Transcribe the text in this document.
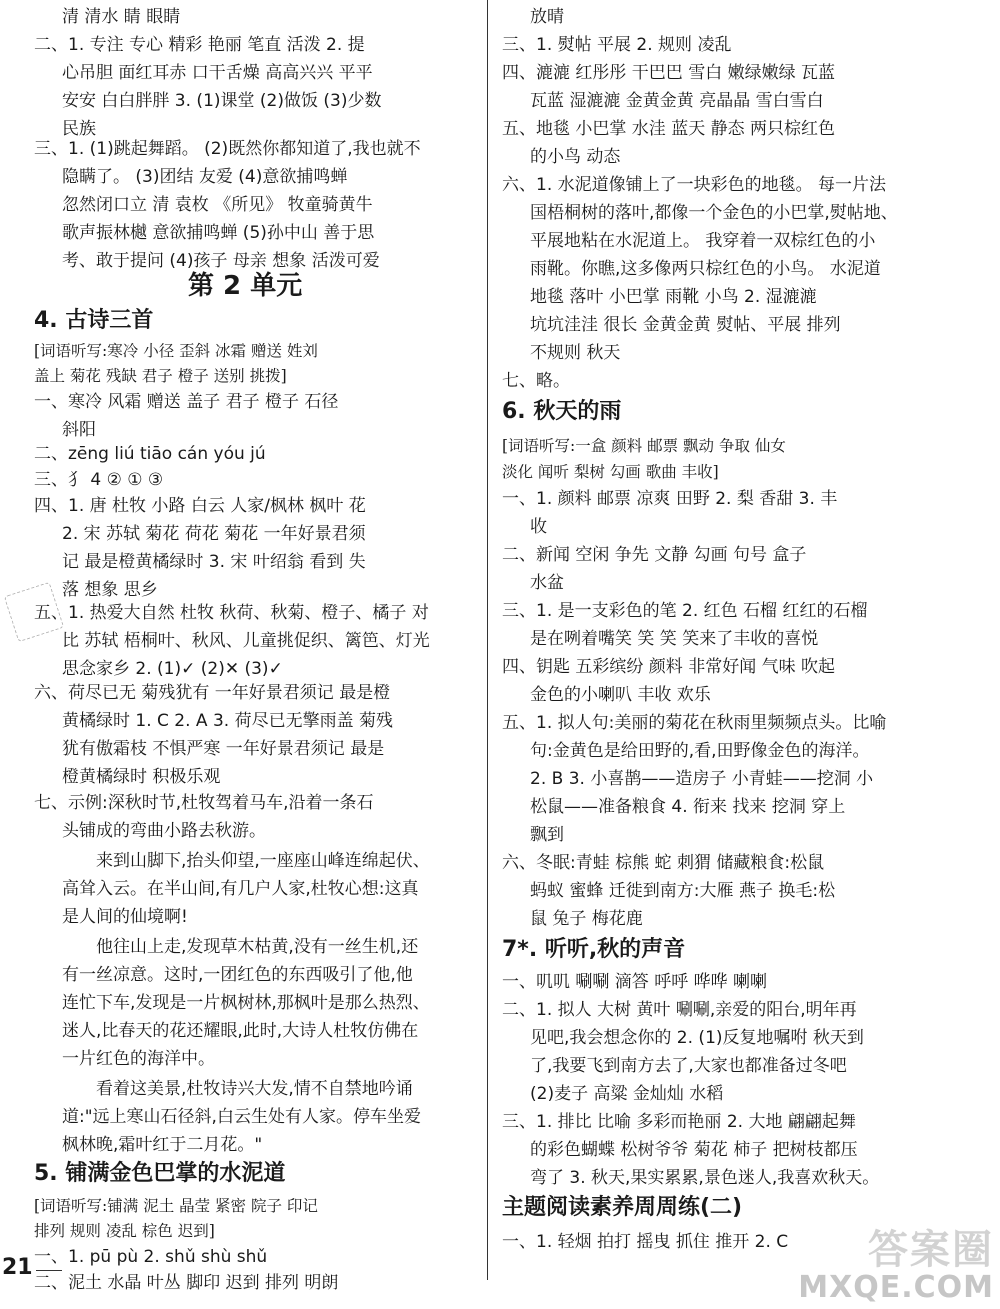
清 清水 睛 眼睛
二、1. 专注 专心 精彩 艳丽 笔直 活泼 2. 提
心吊胆 面红耳赤 口干舌燥 高高兴兴 平平
安安 白白胖胖 3. (1)课堂 (2)做饭 (3)少数
民族
三、1. (1)跳起舞蹈。 (2)既然你都知道了,我也就不
隐瞒了。 (3)团结 友爱 (4)意欲捕鸣蝉
忽然闭口立 清 袁枚 《所见》 牧童骑黄牛
歌声振林樾 意欲捕鸣蝉 (5)孙中山 善于思
考、敢于提问 (4)孩子 母亲 想象 活泼可爱
第 2 单元
4. 古诗三首
[词语听写:寒冷 小径 歪斜 冰霜 赠送 姓刘
盖上 菊花 残缺 君子 橙子 送别 挑拨]
一、寒冷 风霜 赠送 盖子 君子 橙子 石径
斜阳
二、zēng liú tiāo cán yóu jú
三、犭 4 ② ① ③
四、1. 唐 杜牧 小路 白云 人家/枫林 枫叶 花
2. 宋 苏轼 菊花 荷花 菊花 一年好景君须
记 最是橙黄橘绿时 3. 宋 叶绍翁 看到 失
落 想象 思乡
五、1. 热爱大自然 杜牧 秋荷、秋菊、橙子、橘子 对
比 苏轼 梧桐叶、秋风、儿童挑促织、篱笆、灯光
思念家乡 2. (1)✓ (2)✕ (3)✓
六、荷尽已无 菊残犹有 一年好景君须记 最是橙
黄橘绿时 1. C 2. A 3. 荷尽已无擎雨盖 菊残
犹有傲霜枝 不惧严寒 一年好景君须记 最是
橙黄橘绿时 积极乐观
七、示例:深秋时节,杜牧驾着马车,沿着一条石
头铺成的弯曲小路去秋游。
来到山脚下,抬头仰望,一座座山峰连绵起伏、
高耸入云。在半山间,有几户人家,杜牧心想:这真
是人间的仙境啊!
他往山上走,发现草木枯黄,没有一丝生机,还
有一丝凉意。这时,一团红色的东西吸引了他,他
连忙下车,发现是一片枫树林,那枫叶是那么热烈、
迷人,比春天的花还耀眼,此时,大诗人杜牧仿佛在
一片红色的海洋中。
看着这美景,杜牧诗兴大发,情不自禁地吟诵
道:"远上寒山石径斜,白云生处有人家。停车坐爱
枫林晚,霜叶红于二月花。"
5. 铺满金色巴掌的水泥道
[词语听写:铺满 泥土 晶莹 紧密 院子 印记
排列 规则 凌乱 棕色 迟到]
一、1. pū pù 2. shǔ shù shǔ
二、泥土 水晶 叶丛 脚印 迟到 排列 明朗
放晴
三、1. 熨帖 平展 2. 规则 凌乱
四、漉漉 红彤彤 干巴巴 雪白 嫩绿嫩绿 瓦蓝
瓦蓝 湿漉漉 金黄金黄 亮晶晶 雪白雪白
五、地毯 小巴掌 水洼 蓝天 静态 两只棕红色
的小鸟 动态
六、1. 水泥道像铺上了一块彩色的地毯。 每一片法
国梧桐树的落叶,都像一个金色的小巴掌,熨帖地、
平展地粘在水泥道上。 我穿着一双棕红色的小
雨靴。你瞧,这多像两只棕红色的小鸟。 水泥道
地毯 落叶 小巴掌 雨靴 小鸟 2. 湿漉漉
坑坑洼洼 很长 金黄金黄 熨帖、平展 排列
不规则 秋天
七、略。
6. 秋天的雨
[词语听写:一盒 颜料 邮票 飘动 争取 仙女
淡化 闻听 梨树 勾画 歌曲 丰收]
一、1. 颜料 邮票 凉爽 田野 2. 梨 香甜 3. 丰
收
二、新闻 空闲 争先 文静 勾画 句号 盒子
水盆
三、1. 是一支彩色的笔 2. 红色 石榴 红红的石榴
是在咧着嘴笑 笑 笑 笑来了丰收的喜悦
四、钥匙 五彩缤纷 颜料 非常好闻 气味 吹起
金色的小喇叭 丰收 欢乐
五、1. 拟人句:美丽的菊花在秋雨里频频点头。比喻
句:金黄色是给田野的,看,田野像金色的海洋。
2. B 3. 小喜鹊——造房子 小青蛙——挖洞 小
松鼠——准备粮食 4. 衔来 找来 挖洞 穿上
飘到
六、冬眠:青蛙 棕熊 蛇 刺猬 储藏粮食:松鼠
蚂蚁 蜜蜂 迁徙到南方:大雁 燕子 换毛:松
鼠 兔子 梅花鹿
7*. 听听,秋的声音
一、叽叽 唰唰 滴答 呼呼 哗哗 喇喇
二、1. 拟人 大树 黄叶 唰唰,亲爱的阳台,明年再
见吧,我会想念你的 2. (1)反复地嘱咐 秋天到
了,我要飞到南方去了,大家也都准备过冬吧
(2)麦子 高粱 金灿灿 水稻
三、1. 排比 比喻 多彩而艳丽 2. 大地 翩翩起舞
的彩色蝴蝶 松树爷爷 菊花 柿子 把树枝都压
弯了 3. 秋天,果实累累,景色迷人,我喜欢秋天。
主题阅读素养周周练(二)
一、1. 轻烟 拍打 摇曳 抓住 推开 2. C
21	答案圈
MXQE.COM
